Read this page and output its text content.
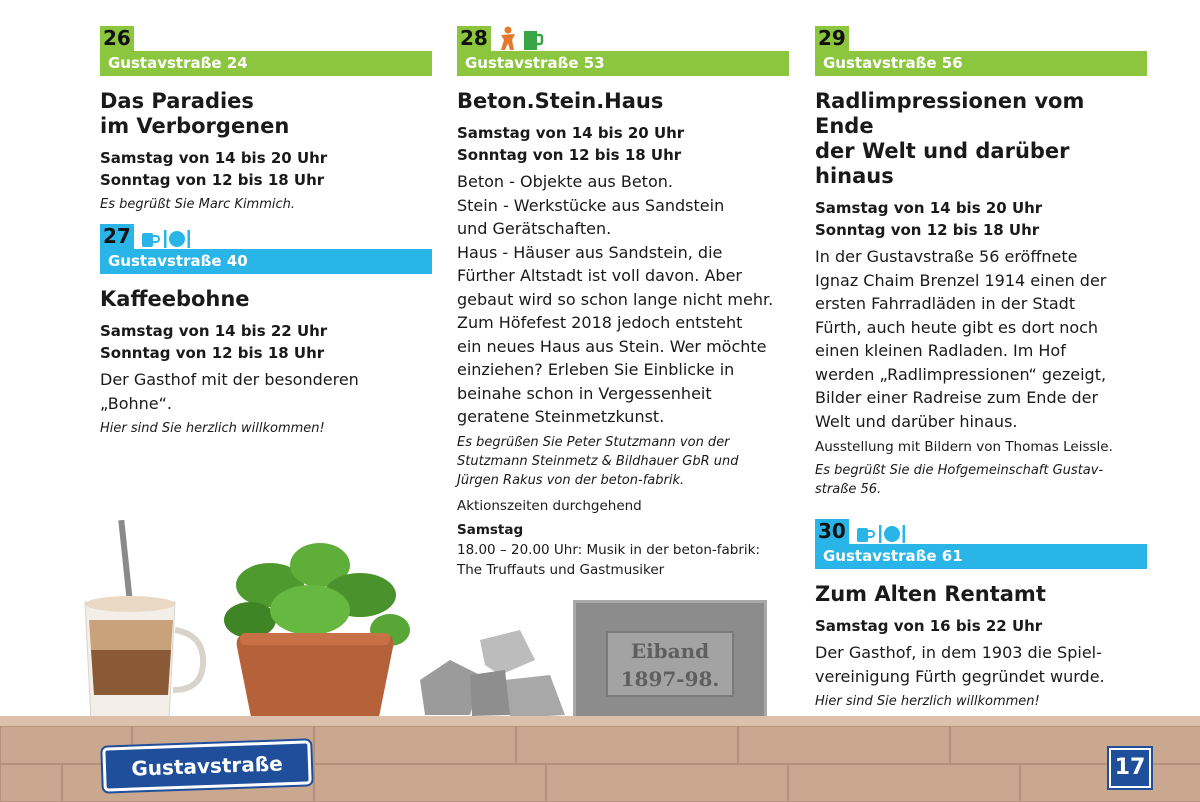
26
Gustavstraße 24
Das Paradies
im Verborgenen
Samstag von 14 bis 20 Uhr
Sonntag von 12 bis 18 Uhr
Es begrüßt Sie Marc Kimmich.
27
Gustavstraße 40
Kaffeebohne
Samstag von 14 bis 22 Uhr
Sonntag von 12 bis 18 Uhr
Der Gasthof mit der besonderen
„Bohne“.
Hier sind Sie herzlich willkommen!
28
Gustavstraße 53
Beton.Stein.Haus
Samstag von 14 bis 20 Uhr
Sonntag von 12 bis 18 Uhr
Beton - Objekte aus Beton.
Stein - Werkstücke aus Sandstein
und Gerätschaften.
Haus - Häuser aus Sandstein, die
Fürther Altstadt ist voll davon. Aber
gebaut wird so schon lange nicht mehr.
Zum Höfefest 2018 jedoch entsteht
ein neues Haus aus Stein. Wer möchte
einziehen? Erleben Sie Einblicke in
beinahe schon in Vergessenheit
geratene Steinmetzkunst.
Es begrüßen Sie Peter Stutzmann von der
Stutzmann Steinmetz & Bildhauer GbR und
Jürgen Rakus von der beton-fabrik.
Aktionszeiten durchgehend
Samstag
18.00 – 20.00 Uhr: Musik in der beton-fabrik:
The Truffauts und Gastmusiker
29
Gustavstraße 56
Radlimpressionen vom Ende
der Welt und darüber hinaus
Samstag von 14 bis 20 Uhr
Sonntag von 12 bis 18 Uhr
In der Gustavstraße 56 eröffnete
Ignaz Chaim Brenzel 1914 einen der
ersten Fahrradläden in der Stadt
Fürth, auch heute gibt es dort noch
einen kleinen Radladen. Im Hof
werden „Radlimpressionen“ gezeigt,
Bilder einer Radreise zum Ende der
Welt und darüber hinaus.
Ausstellung mit Bildern von Thomas Leissle.
Es begrüßt Sie die Hofgemeinschaft Gustav-
straße 56.
30
Gustavstraße 61
Zum Alten Rentamt
Samstag von 16 bis 22 Uhr
Der Gasthof, in dem 1903 die Spiel-
vereinigung Fürth gegründet wurde.
Hier sind Sie herzlich willkommen!
Eiband
1897-98.
Gustavstraße	17
